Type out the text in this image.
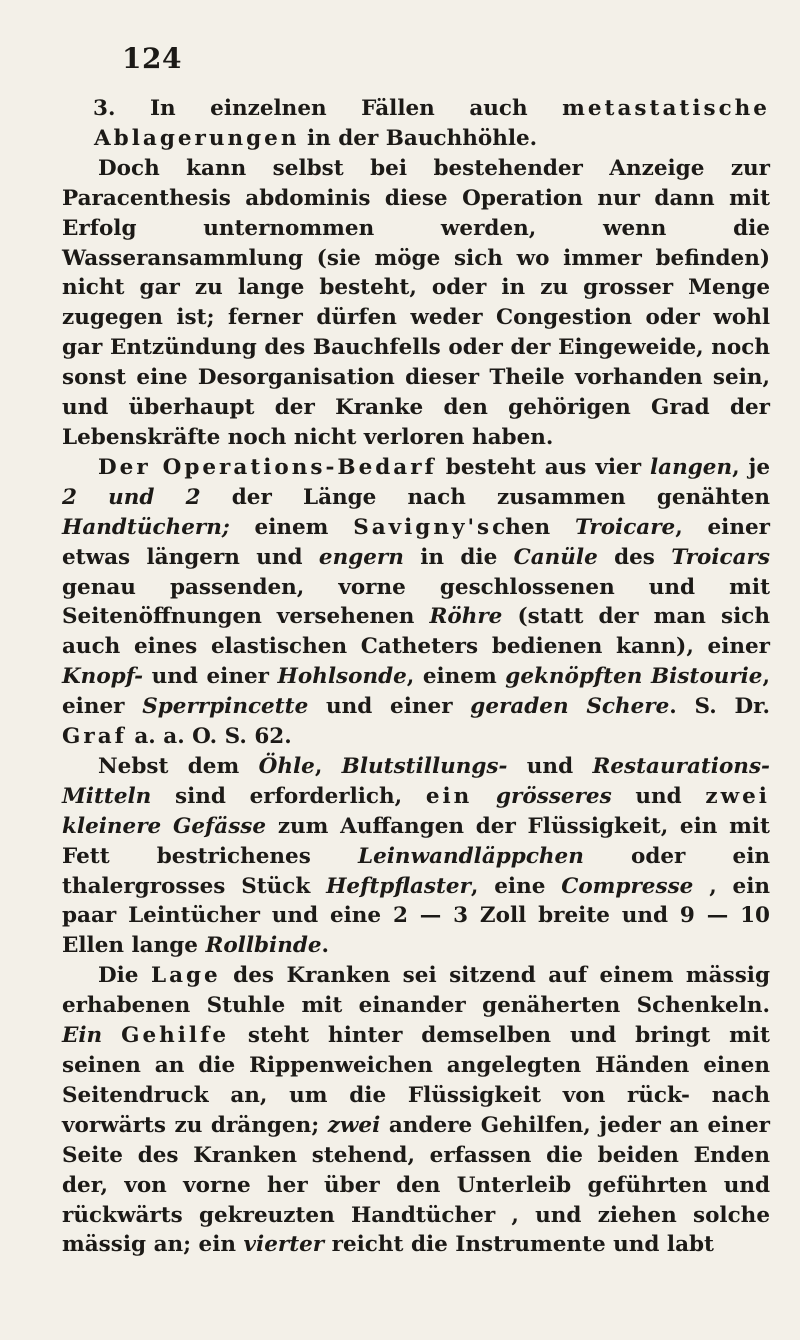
124

3. In einzelnen Fällen auch metastatische Ablagerungen in der Bauchhöhle.

Doch kann selbst bei bestehender Anzeige zur Paracenthesis abdominis diese Operation nur dann mit Erfolg unternommen werden, wenn die Wasseransammlung (sie möge sich wo immer befinden) nicht gar zu lange besteht, oder in zu grosser Menge zugegen ist; ferner dürfen weder Congestion oder wohl gar Entzündung des Bauchfells oder der Eingeweide, noch sonst eine Desorganisation dieser Theile vorhanden sein, und überhaupt der Kranke den gehörigen Grad der Lebenskräfte noch nicht verloren haben.

Der Operations-Bedarf besteht aus vier langen, je 2 und 2 der Länge nach zusammen genähten Handtüchern; einem Savigny'schen Troicare, einer etwas längern und engern in die Canüle des Troicars genau passenden, vorne geschlossenen und mit Seitenöffnungen versehenen Röhre (statt der man sich auch eines elastischen Catheters bedienen kann), einer Knopf- und einer Hohlsonde, einem geknöpften Bistourie, einer Sperrpincette und einer geraden Schere. S. Dr. Graf a. a. O. S. 62.

Nebst dem Öhle, Blutstillungs- und Restaurations-Mitteln sind erforderlich, ein grösseres und zwei kleinere Gefässe zum Auffangen der Flüssigkeit, ein mit Fett bestrichenes Leinwandläppchen oder ein thalergrosses Stück Heftpflaster, eine Compresse , ein paar Leintücher und eine 2 — 3 Zoll breite und 9 — 10 Ellen lange Rollbinde.

Die Lage des Kranken sei sitzend auf einem mässig erhabenen Stuhle mit einander genäherten Schenkeln. Ein Gehilfe steht hinter demselben und bringt mit seinen an die Rippenweichen angelegten Händen einen Seitendruck an, um die Flüssigkeit von rück- nach vorwärts zu drängen; zwei andere Gehilfen, jeder an einer Seite des Kranken stehend, erfassen die beiden Enden der, von vorne her über den Unterleib geführten und rückwärts gekreuzten Handtücher , und ziehen solche mässig an; ein vierter reicht die Instrumente und labt
